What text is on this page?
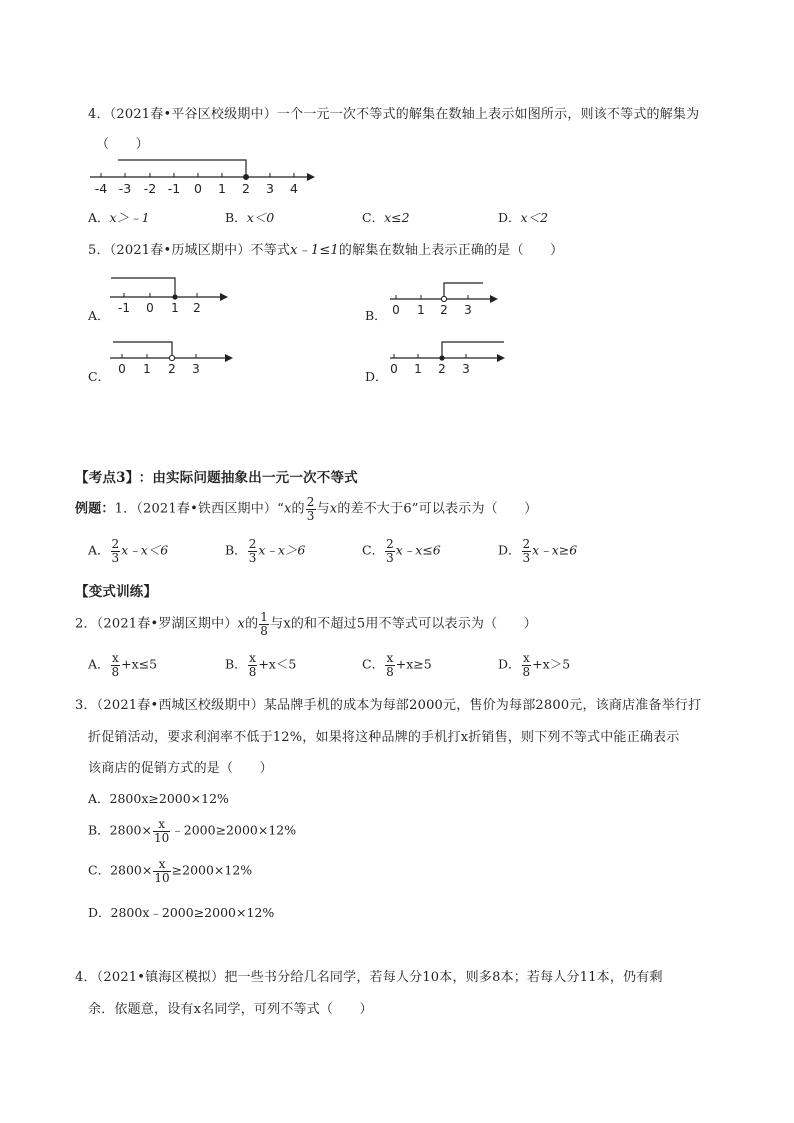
4．（2021春•平谷区校级期中）一个一元一次不等式的解集在数轴上表示如图所示，则该不等式的解集为
（　　）
-4 -3 -2 -1 0 1 2 3 4
A．x＞﹣1	B．x＜0	C．x≤2	D．x＜2
5．（2021春•历城区期中）不等式x﹣1≤1的解集在数轴上表示正确的是（　　）
A． -1 0 1 2	B． 0 1 2 3
C． 0 1 2 3	D． 0 1 2 3
【考点3】 ：由实际问题抽象出一元一次不等式
例题：1．（2021春•铁西区期中）“x的 $\frac{2}{3}$ 与x的差不大于6”可以表示为（　　）
A． $\frac{2}{3}$ x﹣x＜6	B． $\frac{2}{3}$ x﹣x＞6	C． $\frac{2}{3}$ x﹣x≤6	D． $\frac{2}{3}$ x﹣x≥6
【变式训练】
2．（2021春•罗湖区期中）x的 $\frac{1}{8}$ 与x的和不超过5用不等式可以表示为（　　）
A． $\frac{x}{8} +x\le 5$	B． $\frac{x}{8} +x<5$	C． $\frac{x}{8} +x\ge 5$	D． $\frac{x}{8} +x>5$
3．（2021春•西城区校级期中）某品牌手机的成本为每部2000元，售价为每部2800元，该商店准备举行打
折促销活动，要求利润率不低于12%，如果将这种品牌的手机打x折销售，则下列不等式中能正确表示
该商店的促销方式的是（　　）
A．2800x≥2000×12%
B．$2800\times \frac{x}{10}$ ﹣2000≥2000×12%
C．$2800\times \frac{x}{10} \ge 2000\times 12\%$
D．2800x﹣2000≥2000×12%
4．（2021•镇海区模拟）把一些书分给几名同学，若每人分10本，则多8本；若每人分11本，仍有剩
余．依题意，设有x名同学，可列不等式（　　）
